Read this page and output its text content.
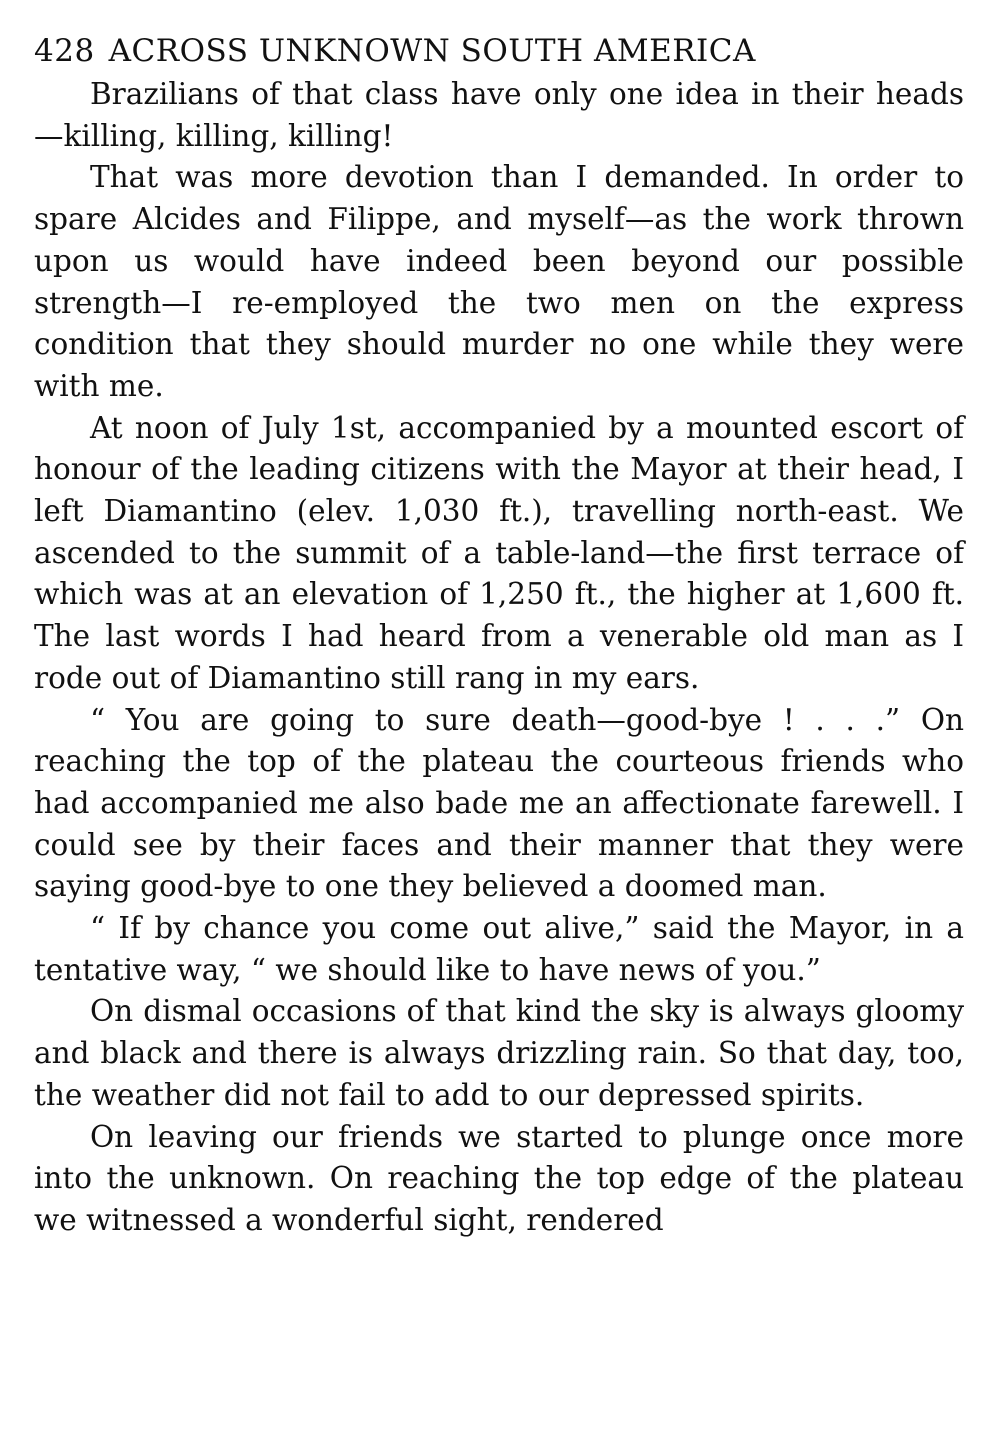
428 ACROSS UNKNOWN SOUTH AMERICA

Brazilians of that class have only one idea in their heads—killing, killing, killing!

That was more devotion than I demanded. In order to spare Alcides and Filippe, and myself—as the work thrown upon us would have indeed been beyond our possible strength—I re-employed the two men on the express condition that they should murder no one while they were with me.

At noon of July 1st, accompanied by a mounted escort of honour of the leading citizens with the Mayor at their head, I left Diamantino (elev. 1,030 ft.), travelling north-east. We ascended to the summit of a table-land—the first terrace of which was at an elevation of 1,250 ft., the higher at 1,600 ft. The last words I had heard from a venerable old man as I rode out of Diamantino still rang in my ears.

“ You are going to sure death—good-bye ! . . .” On reaching the top of the plateau the courteous friends who had accompanied me also bade me an affectionate farewell. I could see by their faces and their manner that they were saying good-bye to one they believed a doomed man.

“ If by chance you come out alive,” said the Mayor, in a tentative way, “ we should like to have news of you.”

On dismal occasions of that kind the sky is always gloomy and black and there is always drizzling rain. So that day, too, the weather did not fail to add to our depressed spirits.

On leaving our friends we started to plunge once more into the unknown. On reaching the top edge of the plateau we witnessed a wonderful sight, rendered
